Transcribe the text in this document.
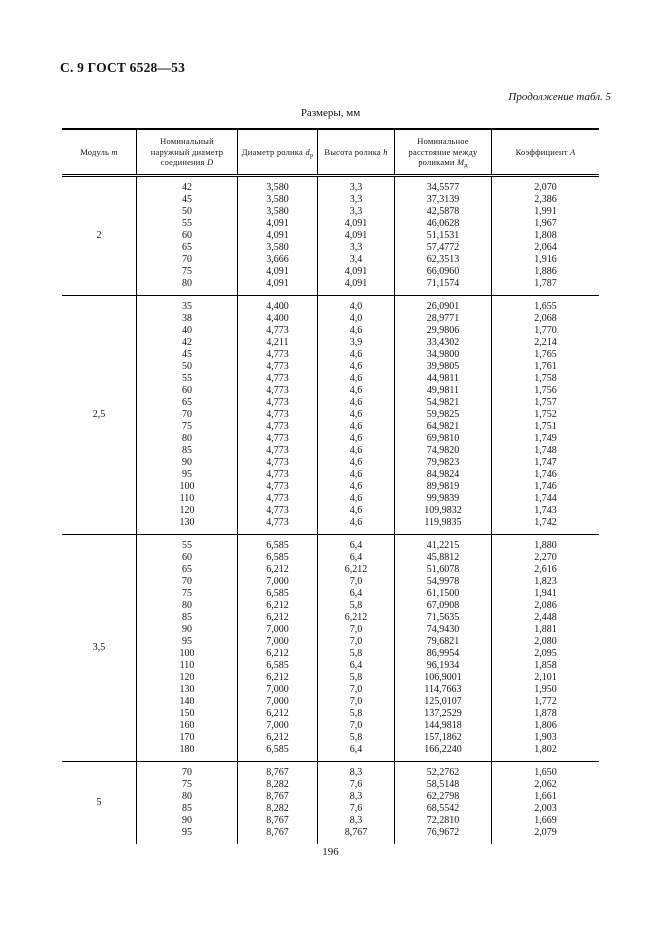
С. 9 ГОСТ 6528—53
Продолжение табл. 5
Размеры, мм
Модуль m
Номинальный наружный диаметр соединения D
Диаметр ролика $d_р$ Высота ролика h
Номинальное расстояние между роликами $М_д$
Коэффициент А
2
42
45
50
55
60
65
70
75
80
3,580
3,580
3,580
4,091
4,091
3,580
3,666
4,091
4,091
3,3
3,3
3,3
4,091
4,091
3,3
3,4
4,091
4,091
34,5577
37,3139
42,5878
46,0628
51,1531
57,4772
62,3513
66,0960
71,1574
2,070
2,386
1,991
1,967
1,808
2,064
1,916
1,886
1,787
2,5
35
38
40
42
45
50
55
60
65
70
75
80
85
90
95
100
110
120
130
4,400
4,400
4,773
4,211
4,773
4,773
4,773
4,773
4,773
4,773
4,773
4,773
4,773
4,773
4,773
4,773
4,773
4,773
4,773
4,0
4,0
4,6
3,9
4,6
4,6
4,6
4,6
4,6
4,6
4,6
4,6
4,6
4,6
4,6
4,6
4,6
4,6
4,6
26,0901
28,9771
29,9806
33,4302
34,9800
39,9805
44,9811
49,9811
54,9821
59,9825
64,9821
69,9810
74,9820
79,9823
84,9824
89,9819
99,9839
109,9832
119,9835
1,655
2,068
1,770
2,214
1,765
1,761
1,758
1,756
1,757
1,752
1,751
1,749
1,748
1,747
1,746
1,746
1,744
1,743
1,742
3,5
55
60
65
70
75
80
85
90
95
100
110
120
130
140
150
160
170
180
6,585
6,585
6,212
7,000
6,585
6,212
6,212
7,000
7,000
6,212
6,585
6,212
7,000
7,000
6,212
7,000
6,212
6,585
6,4
6,4
6,212
7,0
6,4
5,8
6,212
7,0
7,0
5,8
6,4
5,8
7,0
7,0
5,8
7,0
5,8
6,4
41,2215
45,8812
51,6078
54,9978
61,1500
67,0908
71,5635
74,9430
79,6821
86,9954
96,1934
106,9001
114,7663
125,0107
137,2529
144,9818
157,1862
166,2240
1,880
2,270
2,616
1,823
1,941
2,086
2,448
1,881
2,080
2,095
1,858
2,101
1,950
1,772
1,878
1,806
1,903
1,802
5
70
75
80
85
90
95
8,767
8,282
8,767
8,282
8,767
8,767
8,3
7,6
8,3
7,6
8,3
8,767
52,2762
58,5148
62,2798
68,5542
72,2810
76,9672
1,650
2,062
1,661
2,003
1,669
2,079
196
